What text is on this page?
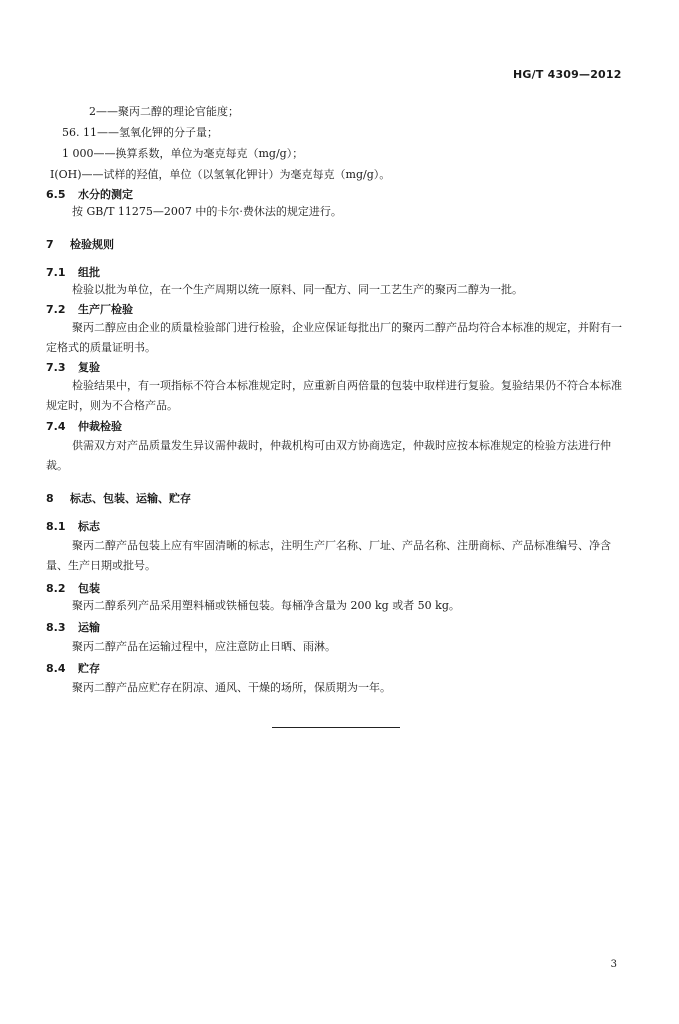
HG/T 4309—2012
2——聚丙二醇的理论官能度；
56. 11——氢氧化钾的分子量；
1 000——换算系数，单位为毫克每克（mg/g）；
I(OH)——试样的羟值，单位（以氢氧化钾计）为毫克每克（mg/g）。
6.5 水分的测定
按 GB/T 11275—2007 中的卡尔·费休法的规定进行。
7 检验规则
7.1 组批
检验以批为单位，在一个生产周期以统一原料、同一配方、同一工艺生产的聚丙二醇为一批。
7.2 生产厂检验
聚丙二醇应由企业的质量检验部门进行检验，企业应保证每批出厂的聚丙二醇产品均符合本标准的规定，并附有一定格式的质量证明书。
7.3 复验
检验结果中，有一项指标不符合本标准规定时，应重新自两倍量的包装中取样进行复验。复验结果仍不符合本标准规定时，则为不合格产品。
7.4 仲裁检验
供需双方对产品质量发生异议需仲裁时，仲裁机构可由双方协商选定，仲裁时应按本标准规定的检验方法进行仲裁。
8 标志、包装、运输、贮存
8.1 标志
聚丙二醇产品包装上应有牢固清晰的标志，注明生产厂名称、厂址、产品名称、注册商标、产品标准编号、净含量、生产日期或批号。
8.2 包装
聚丙二醇系列产品采用塑料桶或铁桶包装。每桶净含量为 200 kg 或者 50 kg。
8.3 运输
聚丙二醇产品在运输过程中，应注意防止日晒、雨淋。
8.4 贮存
聚丙二醇产品应贮存在阴凉、通风、干燥的场所，保质期为一年。
3
